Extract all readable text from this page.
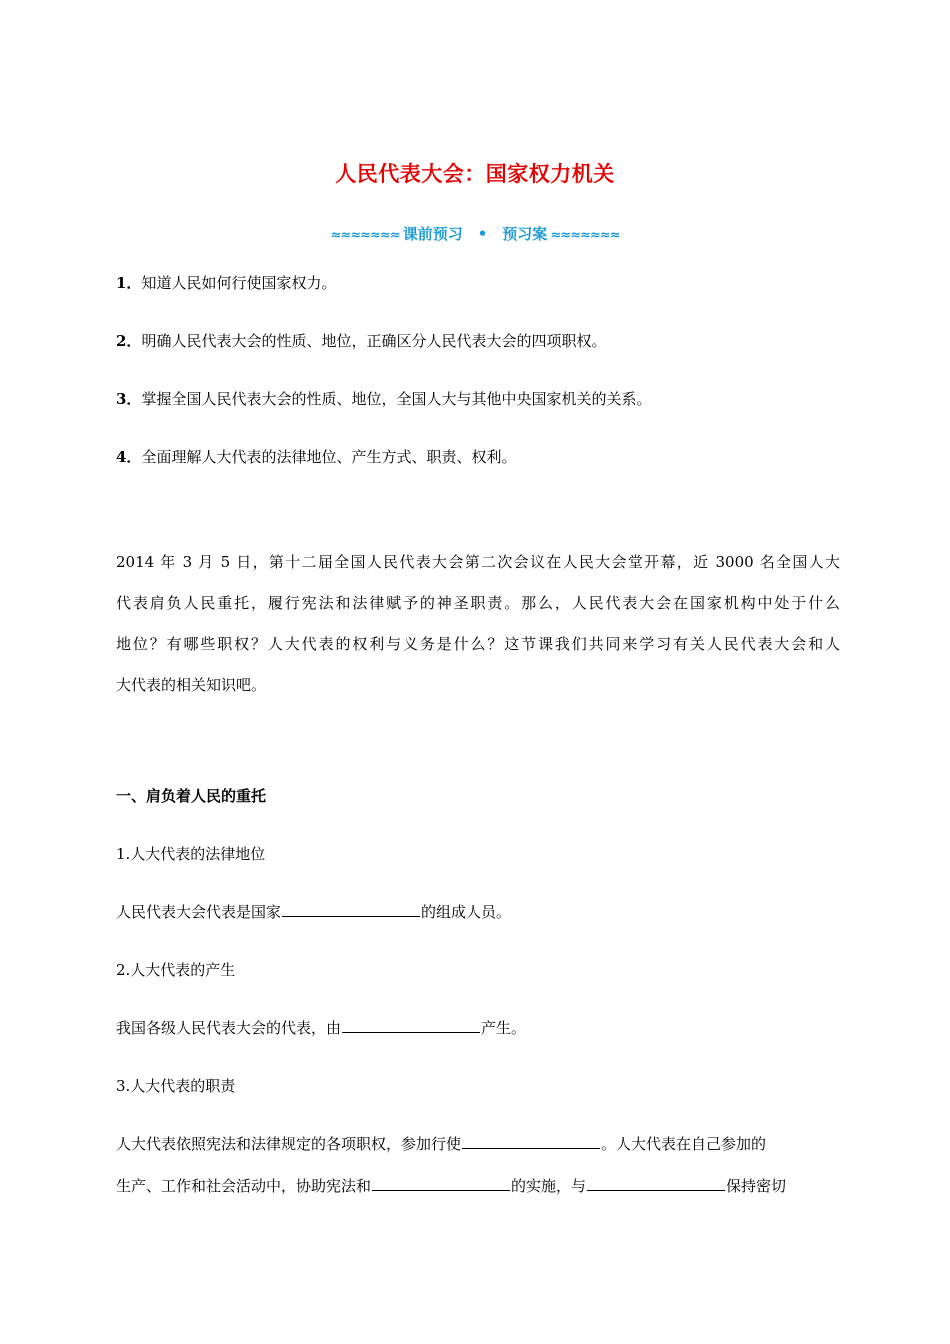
人民代表大会：国家权力机关
≈≈≈≈≈≈≈ 课前预习 • 预习案 ≈≈≈≈≈≈≈
1．知道人民如何行使国家权力。
2．明确人民代表大会的性质、地位，正确区分人民代表大会的四项职权。
3．掌握全国人民代表大会的性质、地位，全国人大与其他中央国家机关的关系。
4．全面理解人大代表的法律地位、产生方式、职责、权利。
2014 年 3 月 5 日，第十二届全国人民代表大会第二次会议在人民大会堂开幕，近 3000 名全国人大
代表肩负人民重托，履行宪法和法律赋予的神圣职责。那么，人民代表大会在国家机构中处于什么
地位？有哪些职权？人大代表的权利与义务是什么？这节课我们共同来学习有关人民代表大会和人
大代表的相关知识吧。
一、肩负着人民的重托
1.人大代表的法律地位
人民代表大会代表是国家	的组成人员。
2.人大代表的产生
我国各级人民代表大会的代表，由	产生。
3.人大代表的职责
人大代表依照宪法和法律规定的各项职权，参加行使	。人大代表在自己参加的
生产、工作和社会活动中，协助宪法和	的实施，与	保持密切
